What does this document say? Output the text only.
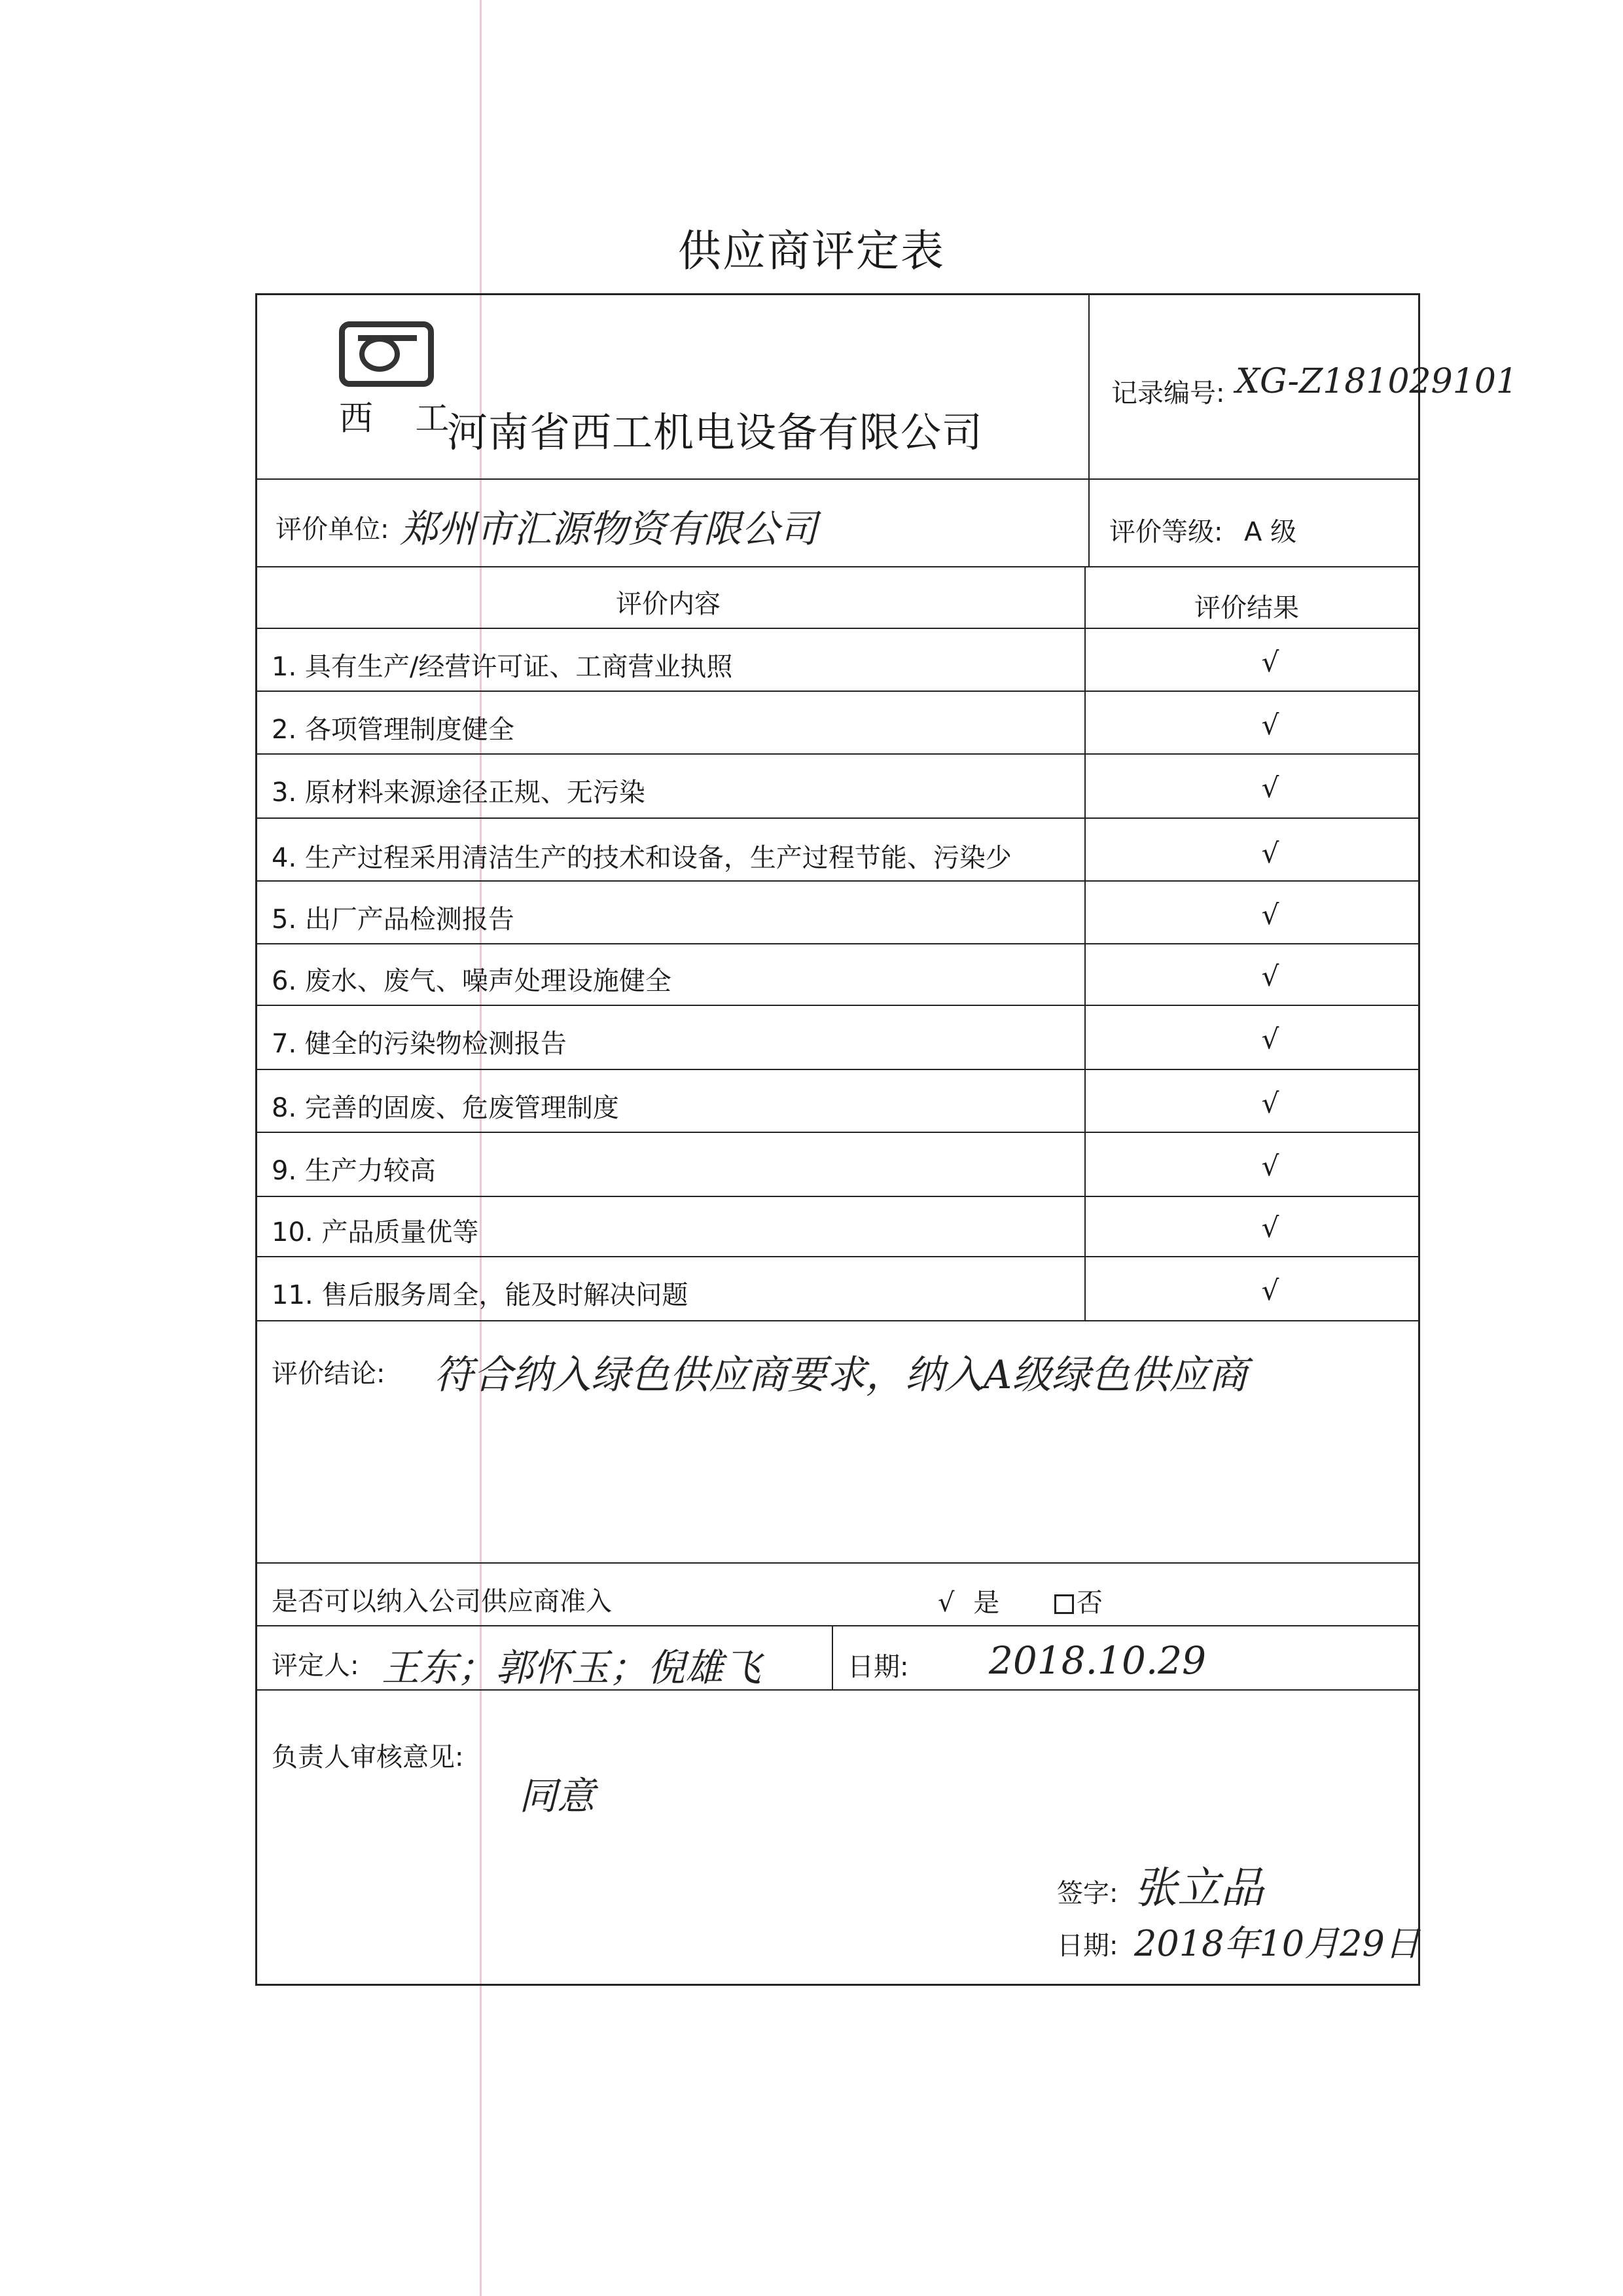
供应商评定表
西 工
河南省西工机电设备有限公司
记录编号: XG-Z181029101
评价单位: 郑州市汇源物资有限公司	评价等级: A 级
评价内容	评价结果
1. 具有生产/经营许可证、工商营业执照	√
2. 各项管理制度健全	√
3. 原材料来源途径正规、无污染	√
4. 生产过程采用清洁生产的技术和设备，生产过程节能、污染少	√
5. 出厂产品检测报告	√
6. 废水、废气、噪声处理设施健全	√
7. 健全的污染物检测报告	√
8. 完善的固废、危废管理制度	√
9. 生产力较高	√
10. 产品质量优等	√
11. 售后服务周全，能及时解决问题	√
评价结论: 符合纳入绿色供应商要求，纳入A级绿色供应商
是否可以纳入公司供应商准入	√ 是	否
评定人: 王东；郭怀玉；倪雄飞	日期: 2018.10.29
负责人审核意见:
同意
签字: 张立品
日期: 2018年10月29日
